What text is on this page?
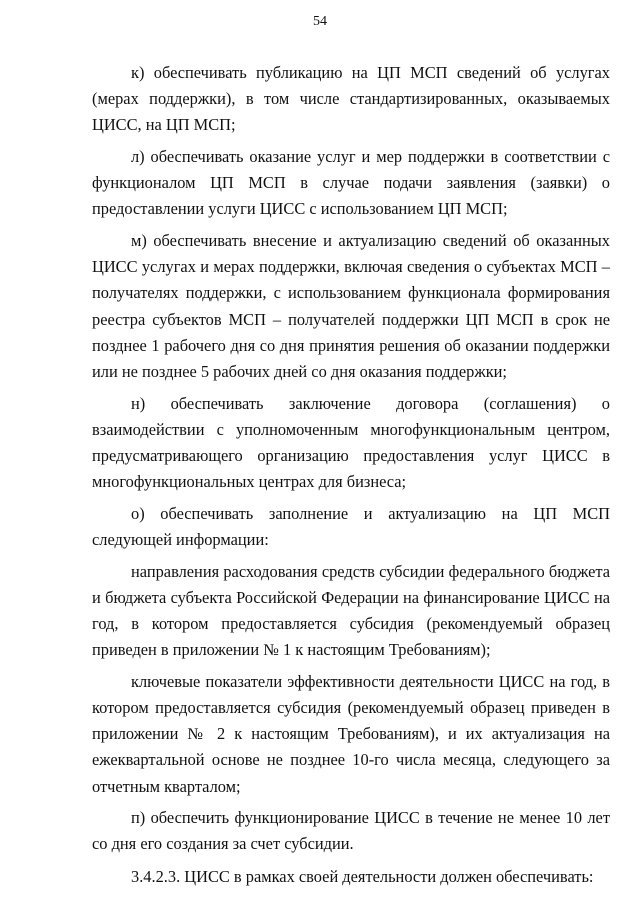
54

к) обеспечивать публикацию на ЦП МСП сведений об услугах (мерах поддержки), в том числе стандартизированных, оказываемых ЦИСС, на ЦП МСП;

л) обеспечивать оказание услуг и мер поддержки в соответствии с функционалом ЦП МСП в случае подачи заявления (заявки) о предоставлении услуги ЦИСС с использованием ЦП МСП;

м) обеспечивать внесение и актуализацию сведений об оказанных ЦИСС услугах и мерах поддержки, включая сведения о субъектах МСП – получателях поддержки, с использованием функционала формирования реестра субъектов МСП – получателей поддержки ЦП МСП в срок не позднее 1 рабочего дня со дня принятия решения об оказании поддержки или не позднее 5 рабочих дней со дня оказания поддержки;

н) обеспечивать заключение договора (соглашения) о взаимодействии с уполномоченным многофункциональным центром, предусматривающего организацию предоставления услуг ЦИСС в многофункциональных центрах для бизнеса;

о) обеспечивать заполнение и актуализацию на ЦП МСП следующей информации:

направления расходования средств субсидии федерального бюджета и бюджета субъекта Российской Федерации на финансирование ЦИСС на год, в котором предоставляется субсидия (рекомендуемый образец приведен в приложении № 1 к настоящим Требованиям);

ключевые показатели эффективности деятельности ЦИСС на год, в котором предоставляется субсидия (рекомендуемый образец приведен в приложении № 2 к настоящим Требованиям), и их актуализация на ежеквартальной основе не позднее 10-го числа месяца, следующего за отчетным кварталом;

п) обеспечить функционирование ЦИСС в течение не менее 10 лет со дня его создания за счет субсидии.

3.4.2.3. ЦИСС в рамках своей деятельности должен обеспечивать:
